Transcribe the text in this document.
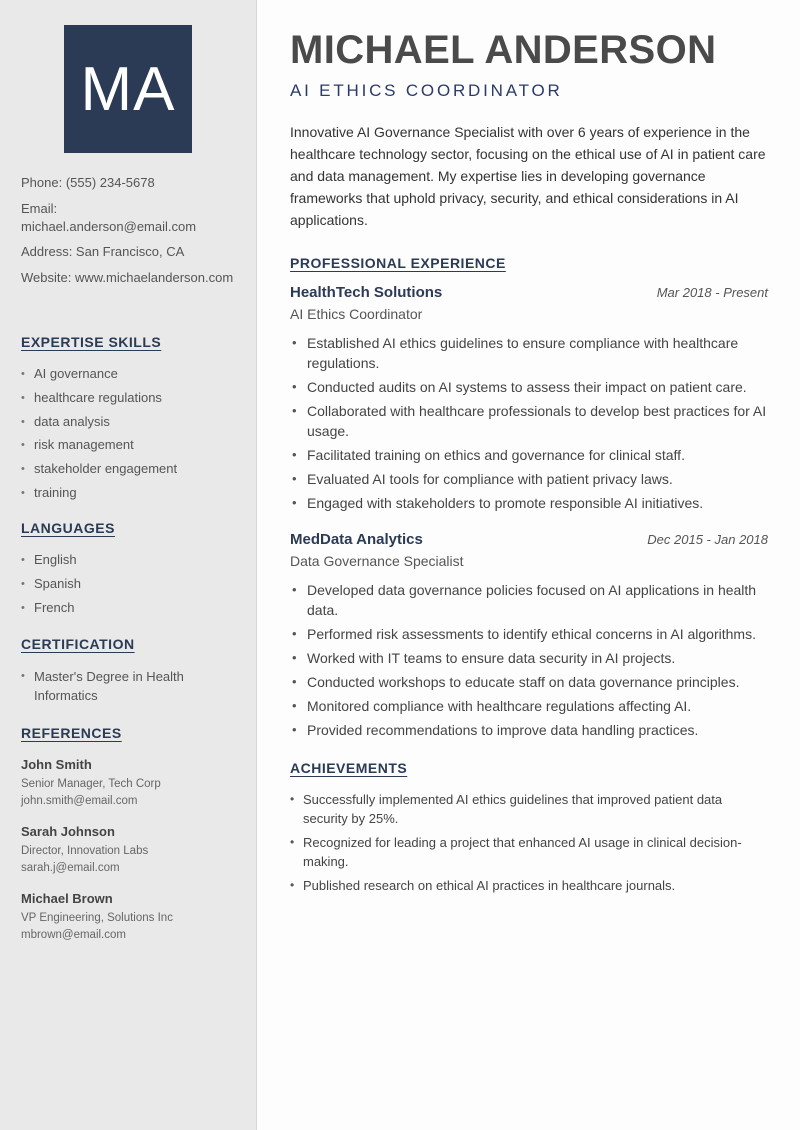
MA
Phone: (555) 234-5678
Email: michael.anderson@email.com
Address: San Francisco, CA
Website: www.michaelanderson.com
EXPERTISE SKILLS
• AI governance
• healthcare regulations
• data analysis
• risk management
• stakeholder engagement
• training
LANGUAGES
• English
• Spanish
• French
CERTIFICATION
• Master's Degree in Health Informatics
REFERENCES
John Smith
Senior Manager, Tech Corp
john.smith@email.com
Sarah Johnson
Director, Innovation Labs
sarah.j@email.com
Michael Brown
VP Engineering, Solutions Inc
mbrown@email.com
MICHAEL ANDERSON
AI ETHICS COORDINATOR

Innovative AI Governance Specialist with over 6 years of experience in the healthcare technology sector, focusing on the ethical use of AI in patient care and data management. My expertise lies in developing governance frameworks that uphold privacy, security, and ethical considerations in AI applications.

PROFESSIONAL EXPERIENCE
HealthTech Solutions	Mar 2018 - Present
AI Ethics Coordinator
• Established AI ethics guidelines to ensure compliance with healthcare regulations.
• Conducted audits on AI systems to assess their impact on patient care.
• Collaborated with healthcare professionals to develop best practices for AI usage.
• Facilitated training on ethics and governance for clinical staff.
• Evaluated AI tools for compliance with patient privacy laws.
• Engaged with stakeholders to promote responsible AI initiatives.
MedData Analytics	Dec 2015 - Jan 2018
Data Governance Specialist
• Developed data governance policies focused on AI applications in health data.
• Performed risk assessments to identify ethical concerns in AI algorithms.
• Worked with IT teams to ensure data security in AI projects.
• Conducted workshops to educate staff on data governance principles.
• Monitored compliance with healthcare regulations affecting AI.
• Provided recommendations to improve data handling practices.
ACHIEVEMENTS
• Successfully implemented AI ethics guidelines that improved patient data security by 25%.
• Recognized for leading a project that enhanced AI usage in clinical decision-making.
• Published research on ethical AI practices in healthcare journals.
